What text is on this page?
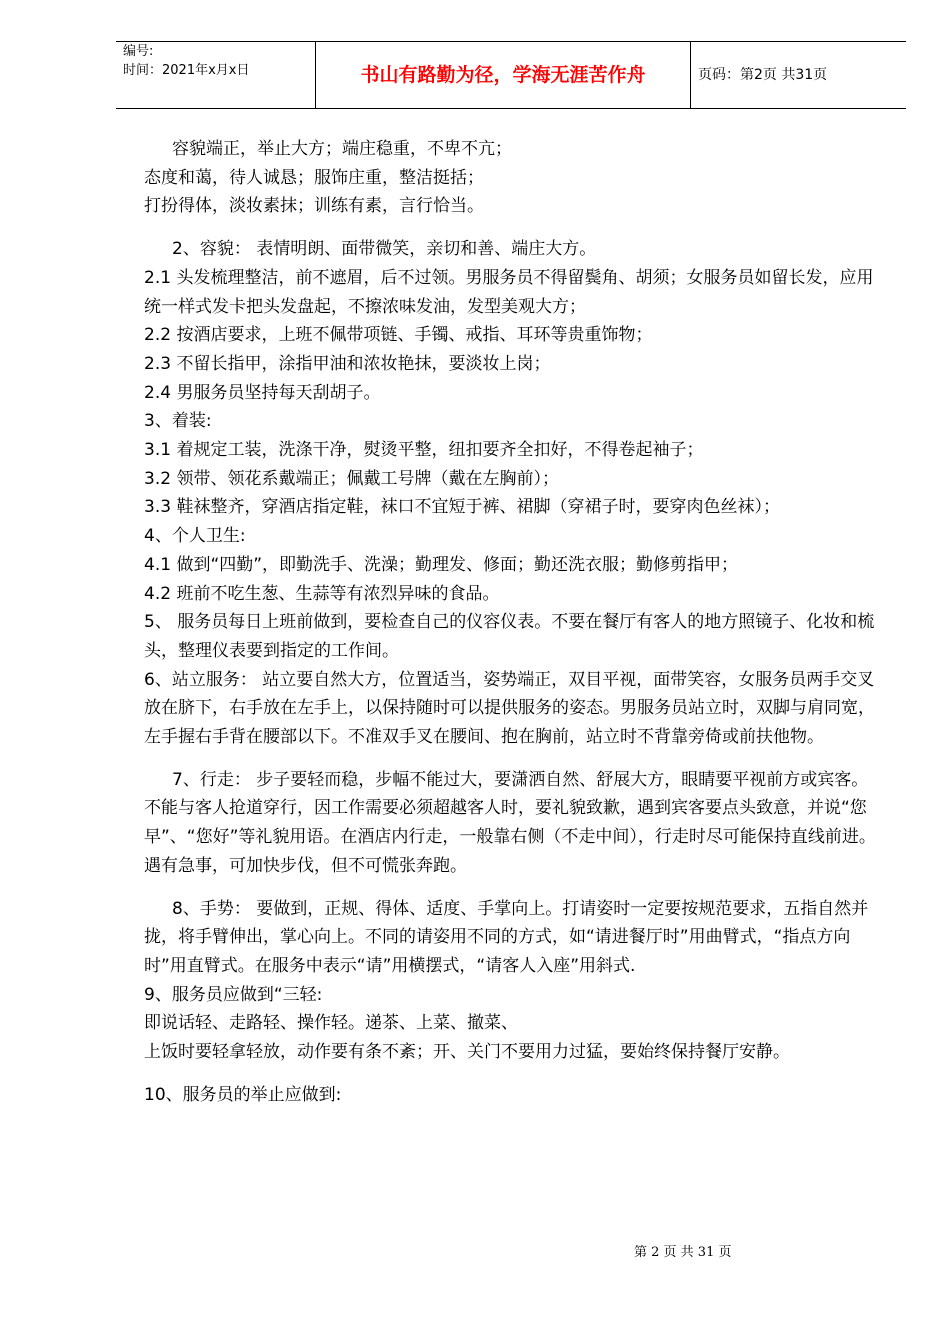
编号:
时间：2021年x月x日	书山有路勤为径，学海无涯苦作舟	页码：第2页 共31页

容貌端正，举止大方；端庄稳重，不卑不亢；

态度和蔼，待人诚恳；服饰庄重，整洁挺括；

打扮得体，淡妆素抹；训练有素，言行恰当。

2、容貌： 表情明朗、面带微笑，亲切和善、端庄大方。

2.1 头发梳理整洁，前不遮眉，后不过领。男服务员不得留鬓角、胡须；女服务员如留长发，应用统一样式发卡把头发盘起，不擦浓味发油，发型美观大方；

2.2 按酒店要求，上班不佩带项链、手镯、戒指、耳环等贵重饰物；

2.3 不留长指甲，涂指甲油和浓妆艳抹，要淡妆上岗；

2.4 男服务员坚持每天刮胡子。

3、着装:

3.1 着规定工装，洗涤干净，熨烫平整，纽扣要齐全扣好，不得卷起袖子；

3.2 领带、领花系戴端正；佩戴工号牌（戴在左胸前）；

3.3 鞋袜整齐，穿酒店指定鞋，袜口不宜短于裤、裙脚（穿裙子时，要穿肉色丝袜）；

4、个人卫生:

4.1 做到“四勤”，即勤洗手、洗澡；勤理发、修面；勤还洗衣服；勤修剪指甲；

4.2 班前不吃生葱、生蒜等有浓烈异味的食品。

5、 服务员每日上班前做到，要检查自己的仪容仪表。不要在餐厅有客人的地方照镜子、化妆和梳头，整理仪表要到指定的工作间。

6、站立服务： 站立要自然大方，位置适当，姿势端正，双目平视，面带笑容，女服务员两手交叉放在脐下，右手放在左手上，以保持随时可以提供服务的姿态。男服务员站立时，双脚与肩同宽，左手握右手背在腰部以下。不准双手叉在腰间、抱在胸前，站立时不背靠旁倚或前扶他物。

7、行走： 步子要轻而稳，步幅不能过大，要潇洒自然、舒展大方，眼睛要平视前方或宾客。不能与客人抢道穿行，因工作需要必须超越客人时，要礼貌致歉，遇到宾客要点头致意，并说“您早”、“您好”等礼貌用语。在酒店内行走，一般靠右侧（不走中间），行走时尽可能保持直线前进。遇有急事，可加快步伐，但不可慌张奔跑。

8、手势： 要做到，正规、得体、适度、手掌向上。打请姿时一定要按规范要求，五指自然并拢，将手臂伸出，掌心向上。不同的请姿用不同的方式，如“请进餐厅时”用曲臂式，“指点方向时”用直臂式。在服务中表示“请”用横摆式，“请客人入座”用斜式.

9、服务员应做到“三轻:

即说话轻、走路轻、操作轻。递茶、上菜、撤菜、

上饭时要轻拿轻放，动作要有条不紊；开、关门不要用力过猛，要始终保持餐厅安静。

10、服务员的举止应做到:

第 2 页 共 31 页
